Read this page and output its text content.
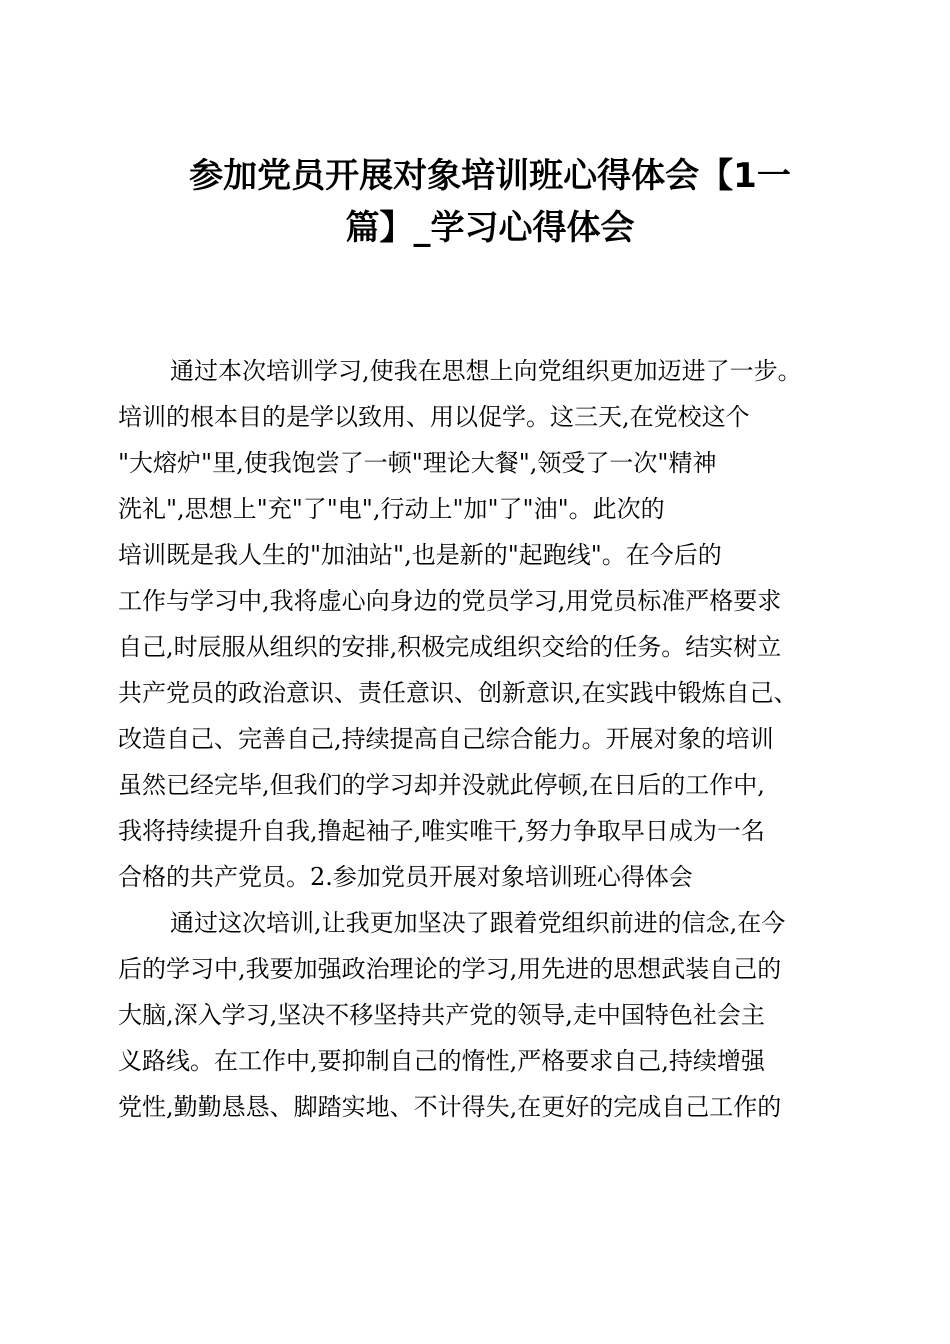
参加党员开展对象培训班心得体会【1一
篇】_学习心得体会
通过本次培训学习,使我在思想上向党组织更加迈进了一步。
培训的根本目的是学以致用、用以促学。这三天,在党校这个
"大熔炉"里,使我饱尝了一顿"理论大餐",领受了一次"精神
洗礼",思想上"充"了"电",行动上"加"了"油"。此次的
培训既是我人生的"加油站",也是新的"起跑线"。在今后的
工作与学习中,我将虚心向身边的党员学习,用党员标准严格要求
自己,时辰服从组织的安排,积极完成组织交给的任务。结实树立
共产党员的政治意识、责任意识、创新意识,在实践中锻炼自己、
改造自己、完善自己,持续提高自己综合能力。开展对象的培训
虽然已经完毕,但我们的学习却并没就此停顿,在日后的工作中,
我将持续提升自我,撸起袖子,唯实唯干,努力争取早日成为一名
合格的共产党员。2.参加党员开展对象培训班心得体会
通过这次培训,让我更加坚决了跟着党组织前进的信念,在今
后的学习中,我要加强政治理论的学习,用先进的思想武装自己的
大脑,深入学习,坚决不移坚持共产党的领导,走中国特色社会主
义路线。在工作中,要抑制自己的惰性,严格要求自己,持续增强
党性,勤勤恳恳、脚踏实地、不计得失,在更好的完成自己工作的
